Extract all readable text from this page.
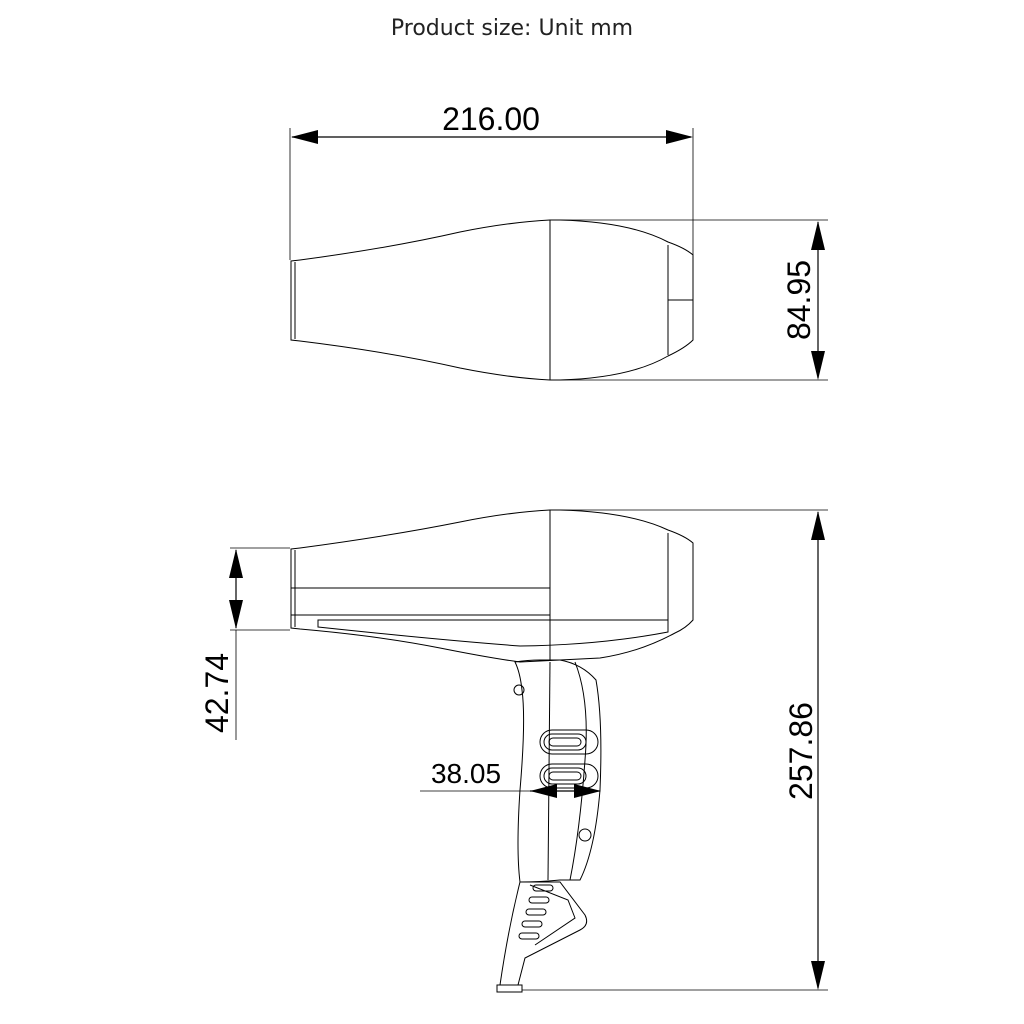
Product size: Unit mm
216.00
84.95
42.74
38.05	257.86
